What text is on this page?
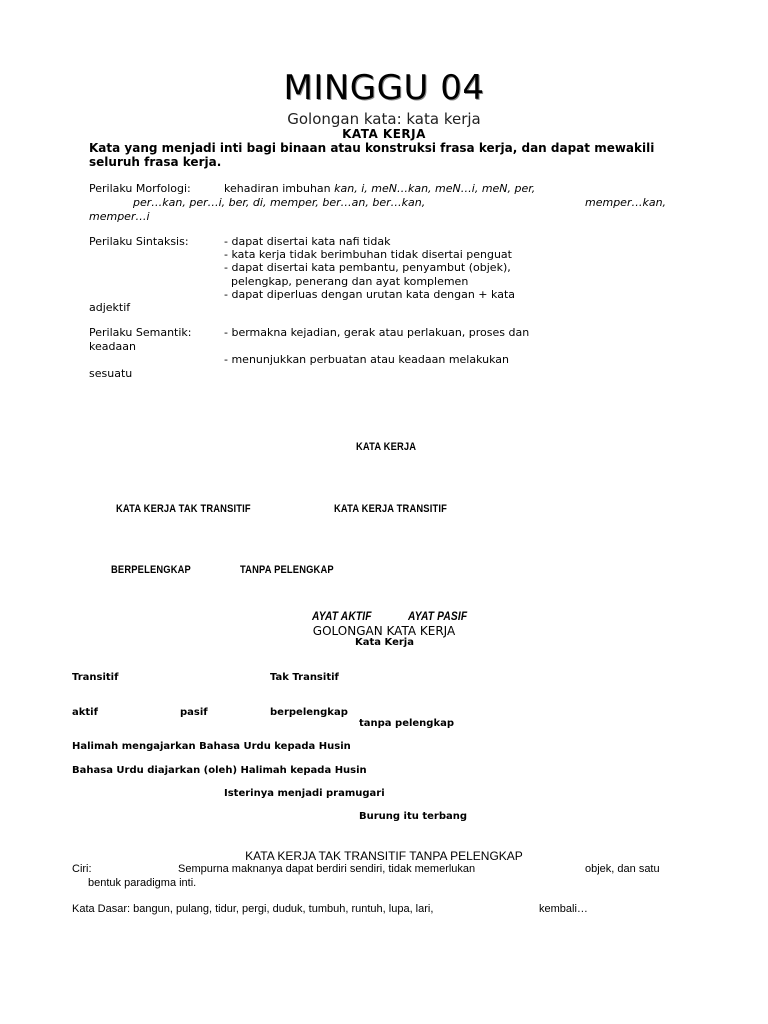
MINGGU 04
Golongan kata: kata kerja
KATA KERJA
Kata yang menjadi inti bagi binaan atau konstruksi frasa kerja, dan dapat mewakili seluruh frasa kerja.
Perilaku Morfologi:	kehadiran imbuhan kan, i, meN…kan, meN…i, meN, per,
per…kan, per…i, ber, di, memper, ber…an, ber…kan,	memper…kan,
memper…i
Perilaku Sintaksis:	- dapat disertai kata nafi tidak
- kata kerja tidak berimbuhan tidak disertai penguat
- dapat disertai kata pembantu, penyambut (objek),
pelengkap, penerang dan ayat komplemen
- dapat diperluas dengan urutan kata dengan + kata
adjektif
Perilaku Semantik:	- bermakna kejadian, gerak atau perlakuan, proses dan
keadaan
- menunjukkan perbuatan atau keadaan melakukan
sesuatu
KATA KERJA
KATA KERJA TAK TRANSITIF	KATA KERJA TRANSITIF
BERPELENGKAP	TANPA PELENGKAP
AYAT AKTIF	AYAT PASIF
GOLONGAN KATA KERJA
Kata Kerja
Transitif	Tak Transitif
aktif	pasif	berpelengkap
tanpa pelengkap
Halimah mengajarkan Bahasa Urdu kepada Husin
Bahasa Urdu diajarkan (oleh) Halimah kepada Husin
Isterinya menjadi pramugari
Burung itu terbang
KATA KERJA TAK TRANSITIF TANPA PELENGKAP
Ciri:	Sempurna maknanya dapat berdiri sendiri, tidak memerlukan	objek, dan satu
bentuk paradigma inti.
Kata Dasar: bangun, pulang, tidur, pergi, duduk, tumbuh, runtuh, lupa, lari,	kembali…
